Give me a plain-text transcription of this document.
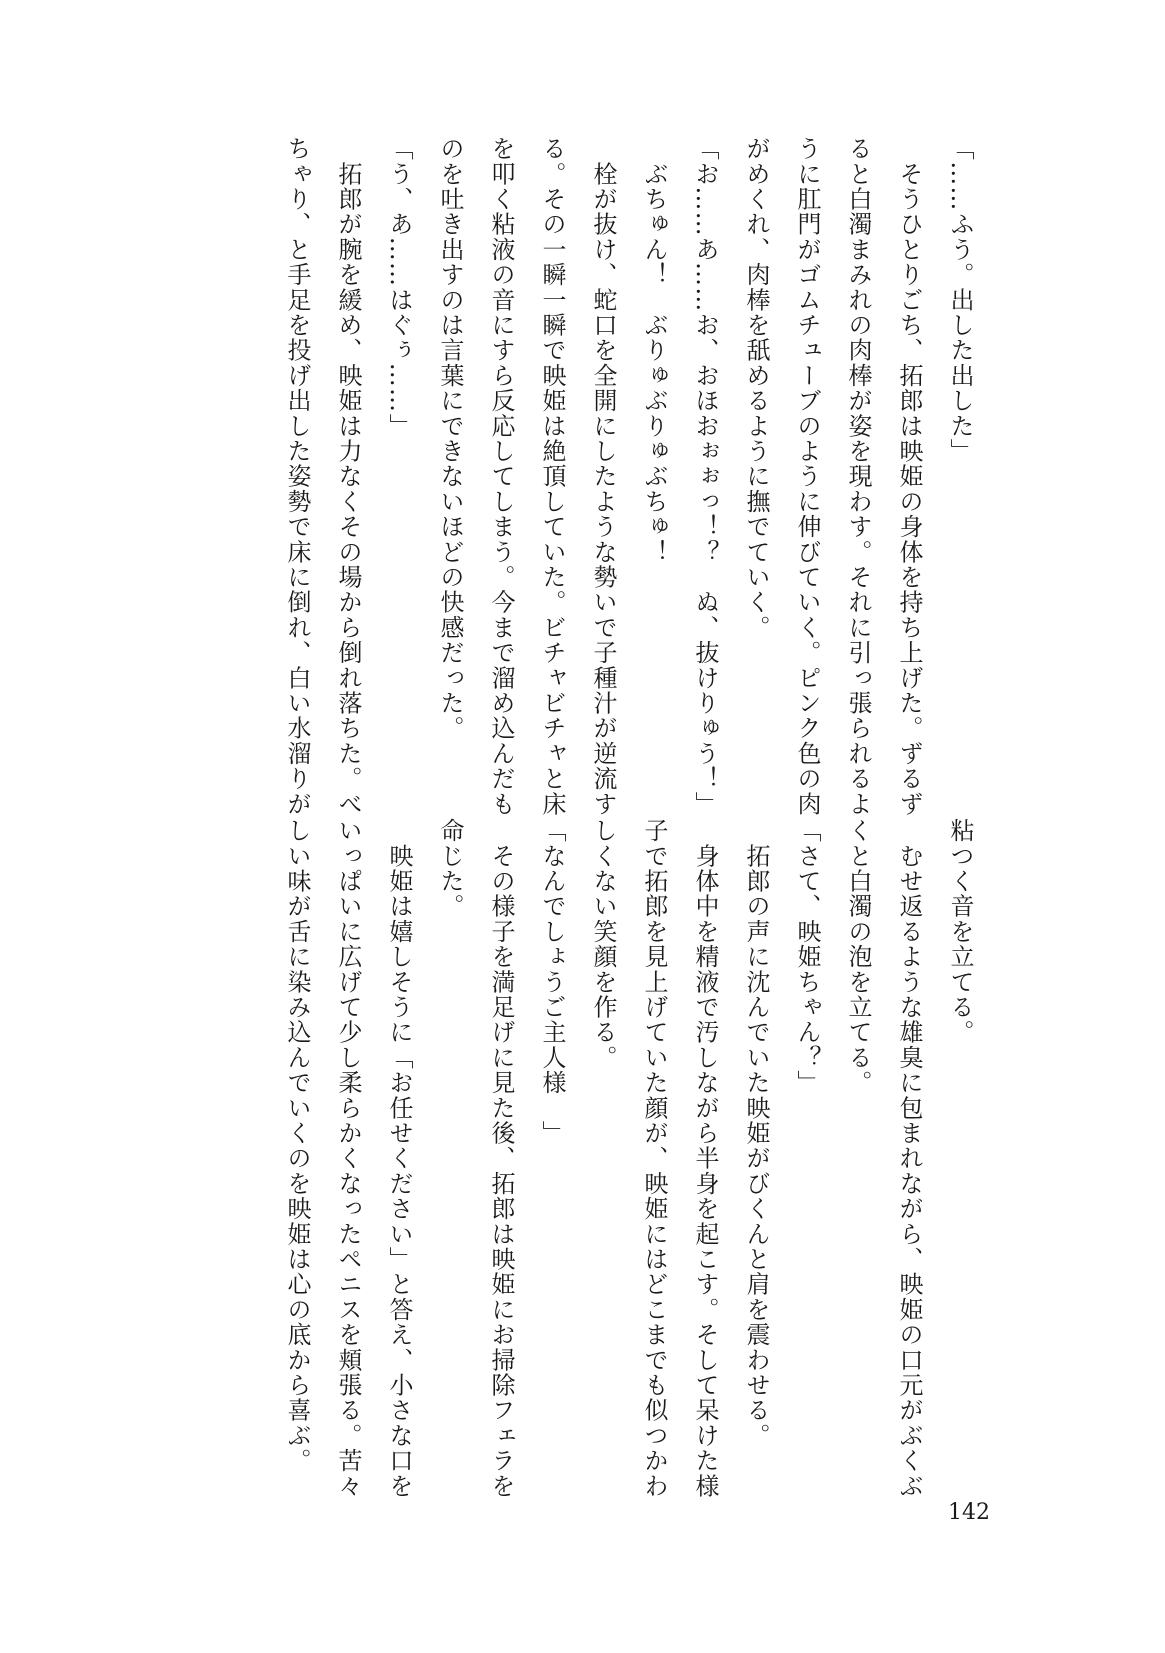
「……ふう。出した出した」
　そうひとりごち、拓郎は映姫の身体を持ち上げた。ずるず
ると白濁まみれの肉棒が姿を現わす。それに引っ張られるよ
うに肛門がゴムチューブのように伸びていく。ピンク色の肉
がめくれ、肉棒を舐めるように撫でていく。
「お……あ……お、おほおぉぉっ！？　ぬ、抜けりゅう！」
　ぶちゅん！　ぶりゅぶりゅぶちゅ！
　栓が抜け、蛇口を全開にしたような勢いで子種汁が逆流す
る。その一瞬一瞬で映姫は絶頂していた。ビチャビチャと床
を叩く粘液の音にすら反応してしまう。今まで溜め込んだも
のを吐き出すのは言葉にできないほどの快感だった。
「う、あ……はぐぅ……」
　拓郎が腕を緩め、映姫は力なくその場から倒れ落ちた。べ
ちゃり、と手足を投げ出した姿勢で床に倒れ、白い水溜りが
粘つく音を立てる。
　むせ返るような雄臭に包まれながら、映姫の口元がぶくぶ
くと白濁の泡を立てる。
「さて、映姫ちゃん？」
　拓郎の声に沈んでいた映姫がびくんと肩を震わせる。
　身体中を精液で汚しながら半身を起こす。そして呆けた様
子で拓郎を見上げていた顔が、映姫にはどこまでも似つかわ
しくない笑顔を作る。
「なんでしょうご主人様　」
　その様子を満足げに見た後、拓郎は映姫にお掃除フェラを
命じた。
　映姫は嬉しそうに「お任せください」と答え、小さな口を
いっぱいに広げて少し柔らかくなったペニスを頬張る。苦々
しい味が舌に染み込んでいくのを映姫は心の底から喜ぶ。
142
